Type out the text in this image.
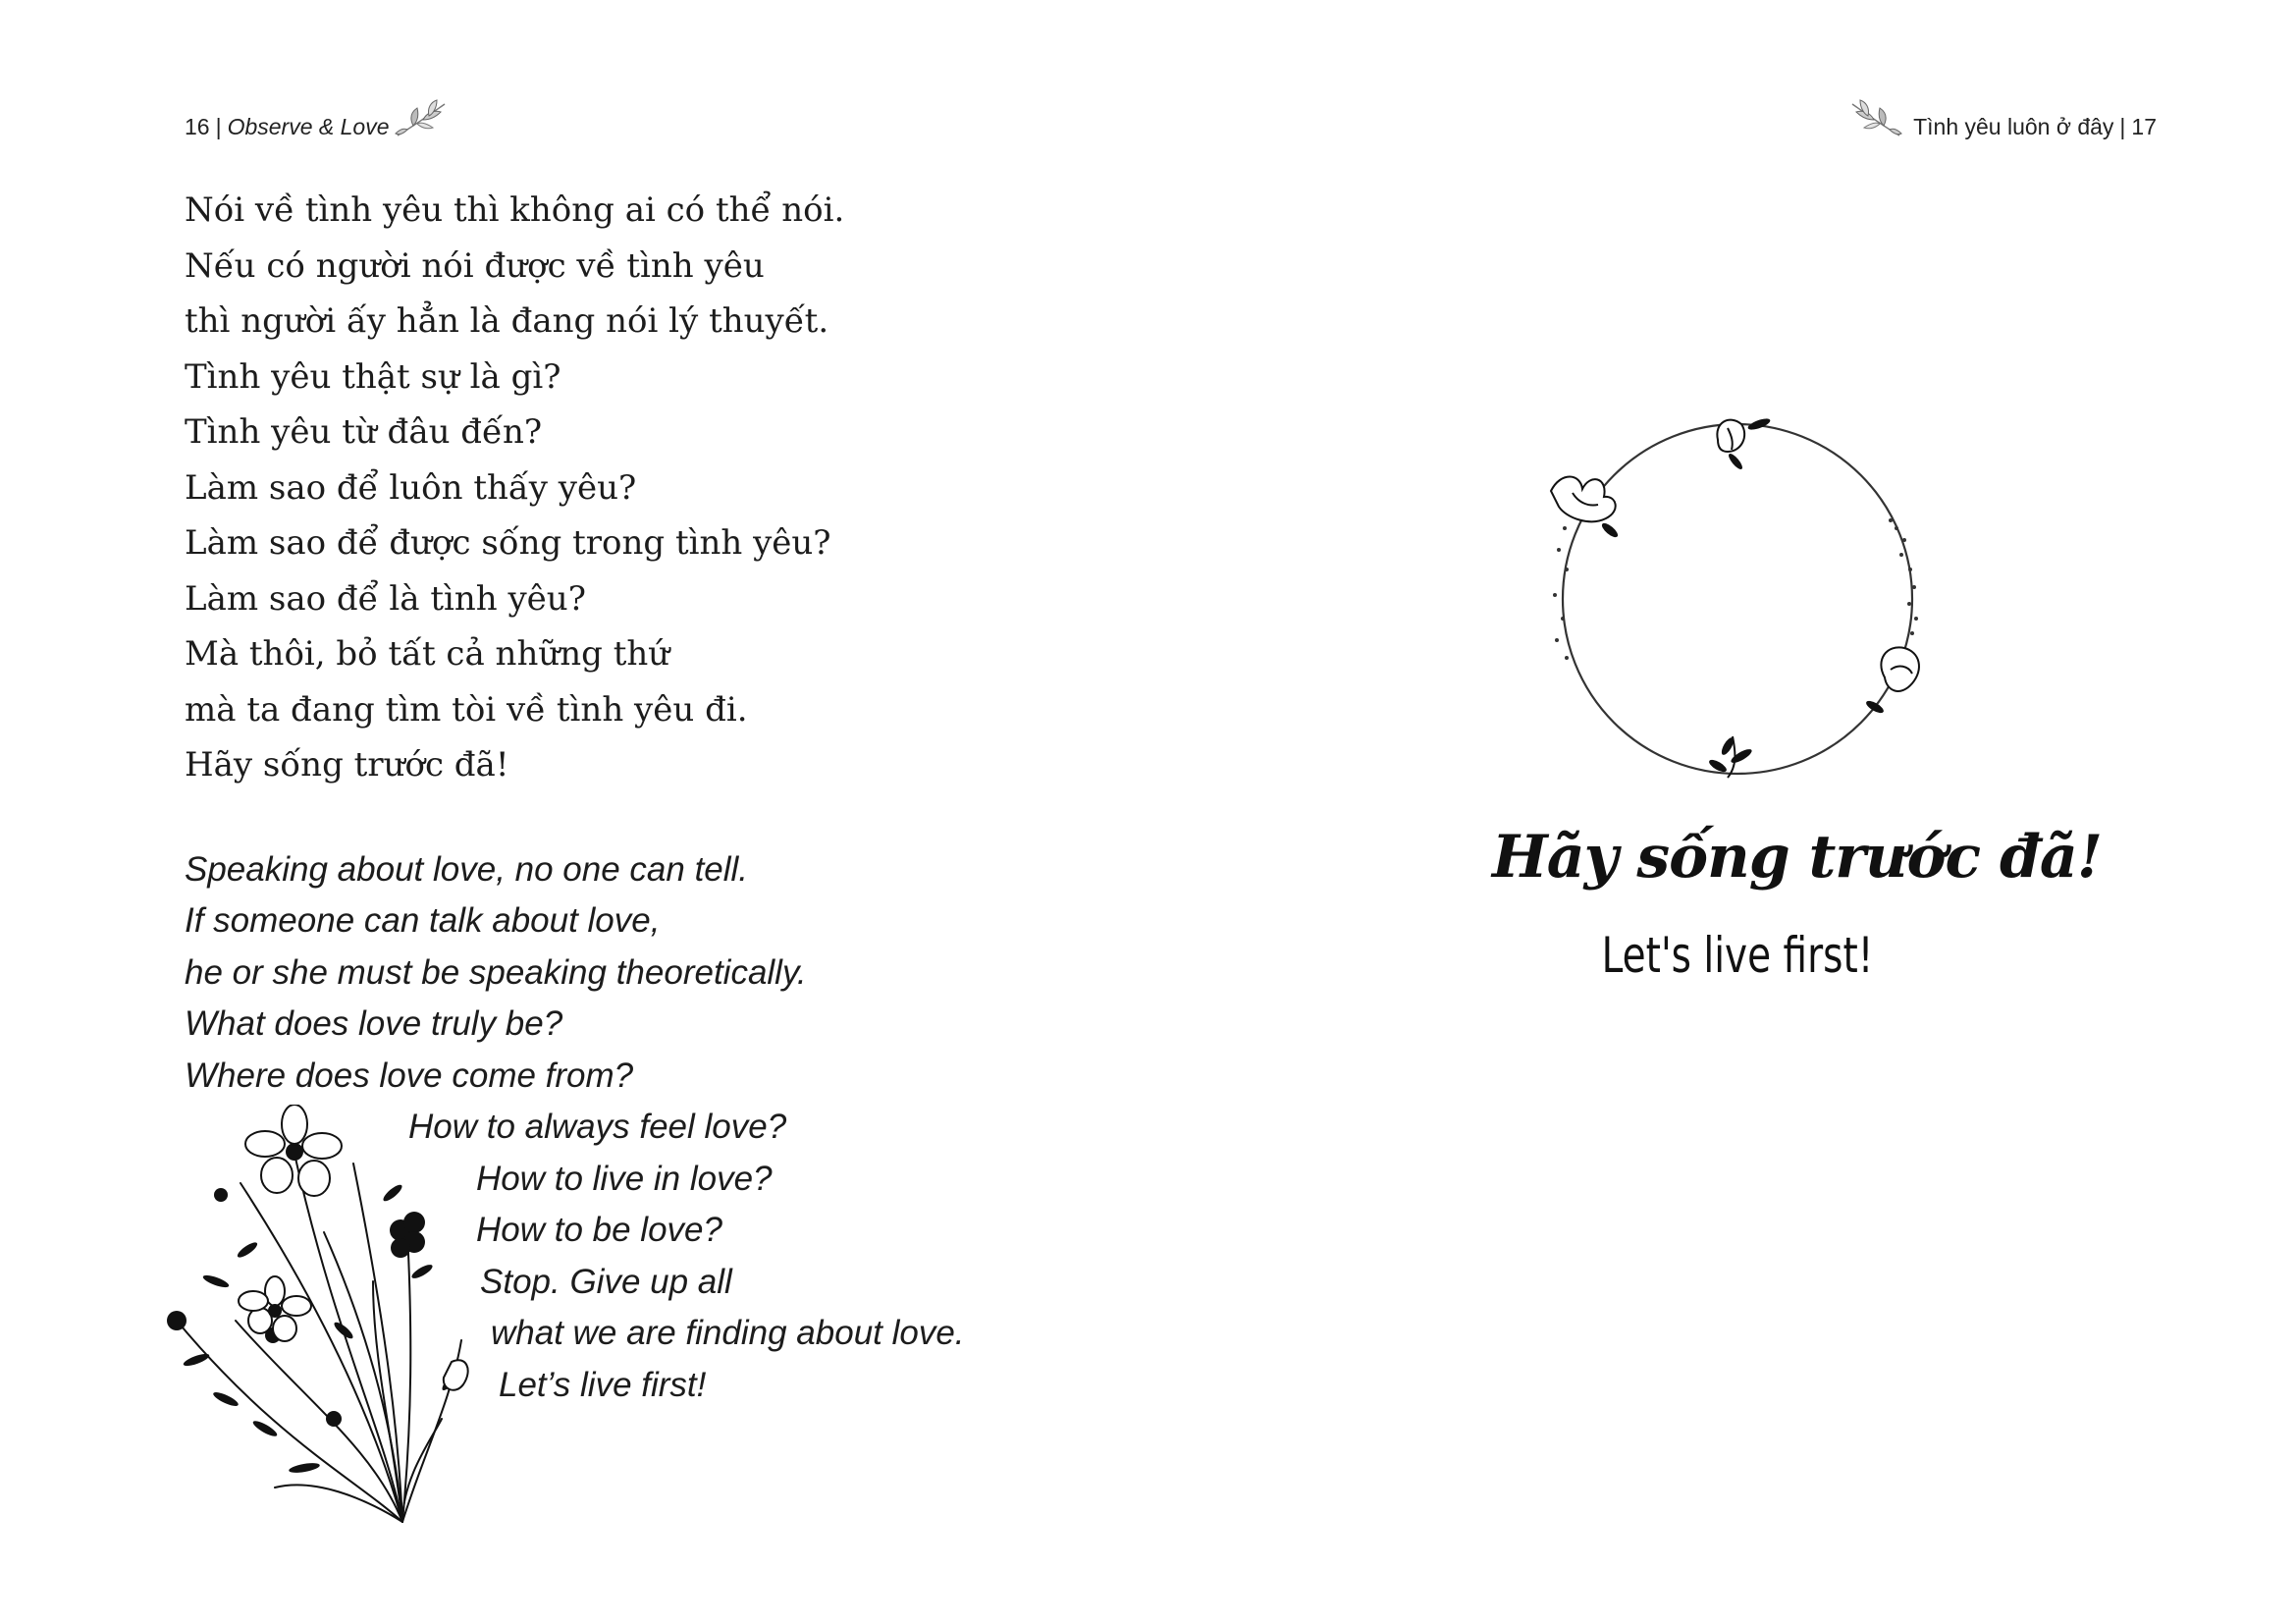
16 | Observe & Love
Nói về tình yêu thì không ai có thể nói.
Nếu có người nói được về tình yêu
thì người ấy hẳn là đang nói lý thuyết.
Tình yêu thật sự là gì?
Tình yêu từ đâu đến?
Làm sao để luôn thấy yêu?
Làm sao để được sống trong tình yêu?
Làm sao để là tình yêu?
Mà thôi, bỏ tất cả những thứ
mà ta đang tìm tòi về tình yêu đi.
Hãy sống trước đã!
Speaking about love, no one can tell.
If someone can talk about love,
he or she must be speaking theoretically.
What does love truly be?
Where does love come from?
How to always feel love?
How to live in love?
How to be love?
Stop. Give up all
what we are finding about love.
Let’s live first!
Tình yêu luôn ở đây | 17
Hãy sống trước đã!
Let's live first!
